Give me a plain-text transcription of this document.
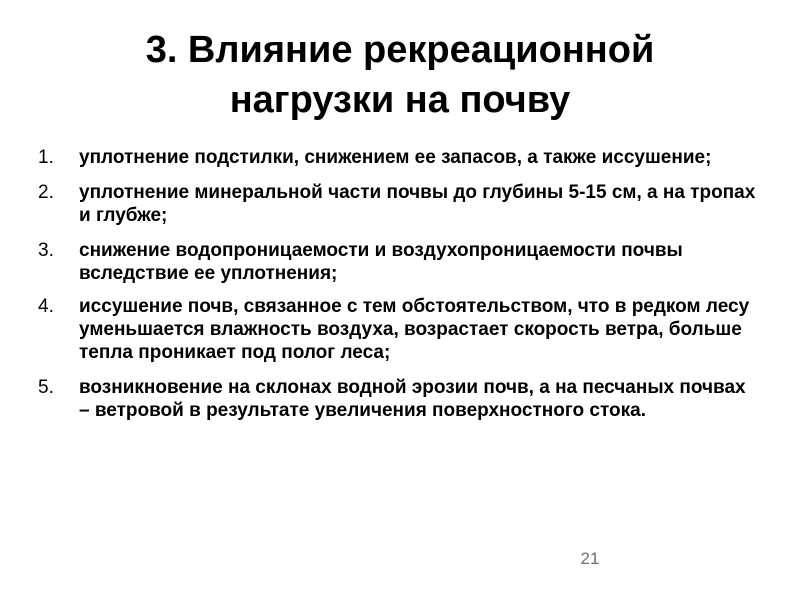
3. Влияние рекреационной нагрузки на почву
1. уплотнение подстилки, снижением ее запасов, а также иссушение;
2. уплотнение минеральной части почвы до глубины 5-15 см, а на тропах и глубже;
3. снижение водопроницаемости и воздухопроницаемости почвы вследствие ее уплотнения;
4. иссушение почв, связанное с тем обстоятельством, что в редком лесу уменьшается влажность воздуха, возрастает скорость ветра, больше тепла проникает под полог леса;
5. возникновение на склонах водной эрозии почв, а на песчаных почвах – ветровой в результате увеличения поверхностного стока.
21
